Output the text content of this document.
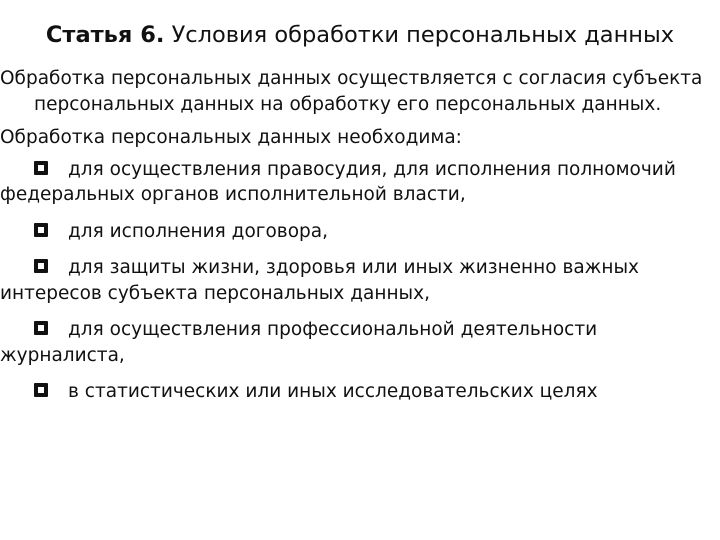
Статья 6. Условия обработки персональных данных

Обработка персональных данных осуществляется с согласия субъекта персональных данных на обработку его персональных данных.

Обработка персональных данных необходима:

для осуществления правосудия, для исполнения полномочий
федеральных органов исполнительной власти,
для исполнения договора,
для защиты жизни, здоровья или иных жизненно важных
интересов субъекта персональных данных,
для осуществления профессиональной деятельности
журналиста,
в статистических или иных исследовательских целях
